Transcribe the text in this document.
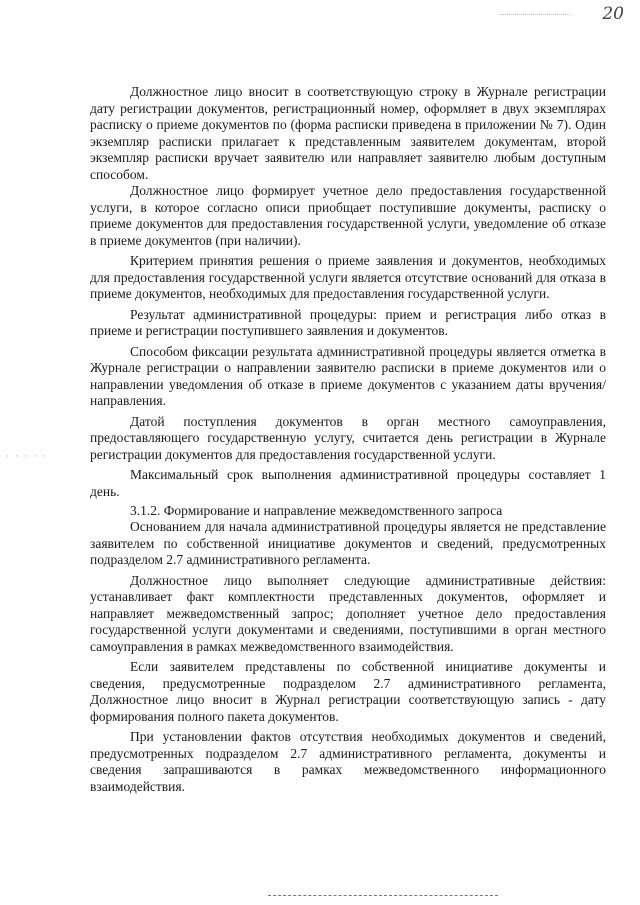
20
· · · · ·

Должностное лицо вносит в соответствующую строку в Журнале регистрации дату регистрации документов, регистрационный номер, оформляет в двух экземплярах расписку о приеме документов по (форма расписки приведена в приложении № 7). Один экземпляр расписки прилагает к представленным заявителем документам, второй экземпляр расписки вручает заявителю или направляет заявителю любым доступным способом.

Должностное лицо формирует учетное дело предоставления государственной услуги, в которое согласно описи приобщает поступившие документы, расписку о приеме документов для предоставления государственной услуги, уведомление об отказе в приеме документов (при наличии).

Критерием принятия решения о приеме заявления и документов, необходимых для предоставления государственной услуги является отсутствие оснований для отказа в приеме документов, необходимых для предоставления государственной услуги.

Результат административной процедуры: прием и регистрация либо отказ в приеме и регистрации поступившего заявления и документов.

Способом фиксации результата административной процедуры является отметка в Журнале регистрации о направлении заявителю расписки в приеме документов или о направлении уведомления об отказе в приеме документов с указанием даты вручения/направления.

Датой поступления документов в орган местного самоуправления, предоставляющего государственную услугу, считается день регистрации в Журнале регистрации документов для предоставления государственной услуги.

Максимальный срок выполнения административной процедуры составляет 1 день.

3.1.2. Формирование и направление межведомственного запроса

Основанием для начала административной процедуры является не представление заявителем по собственной инициативе документов и сведений, предусмотренных подразделом 2.7 административного регламента.

Должностное лицо выполняет следующие административные действия: устанавливает факт комплектности представленных документов, оформляет и направляет межведомственный запрос; дополняет учетное дело предоставления государственной услуги документами и сведениями, поступившими в орган местного самоуправления в рамках межведомственного взаимодействия.

Если заявителем представлены по собственной инициативе документы и сведения, предусмотренные подразделом 2.7 административного регламента, Должностное лицо вносит в Журнал регистрации соответствующую запись - дату формирования полного пакета документов.

При установлении фактов отсутствия необходимых документов и сведений, предусмотренных подразделом 2.7 административного регламента, документы и сведения запрашиваются в рамках межведомственного информационного взаимодействия.
